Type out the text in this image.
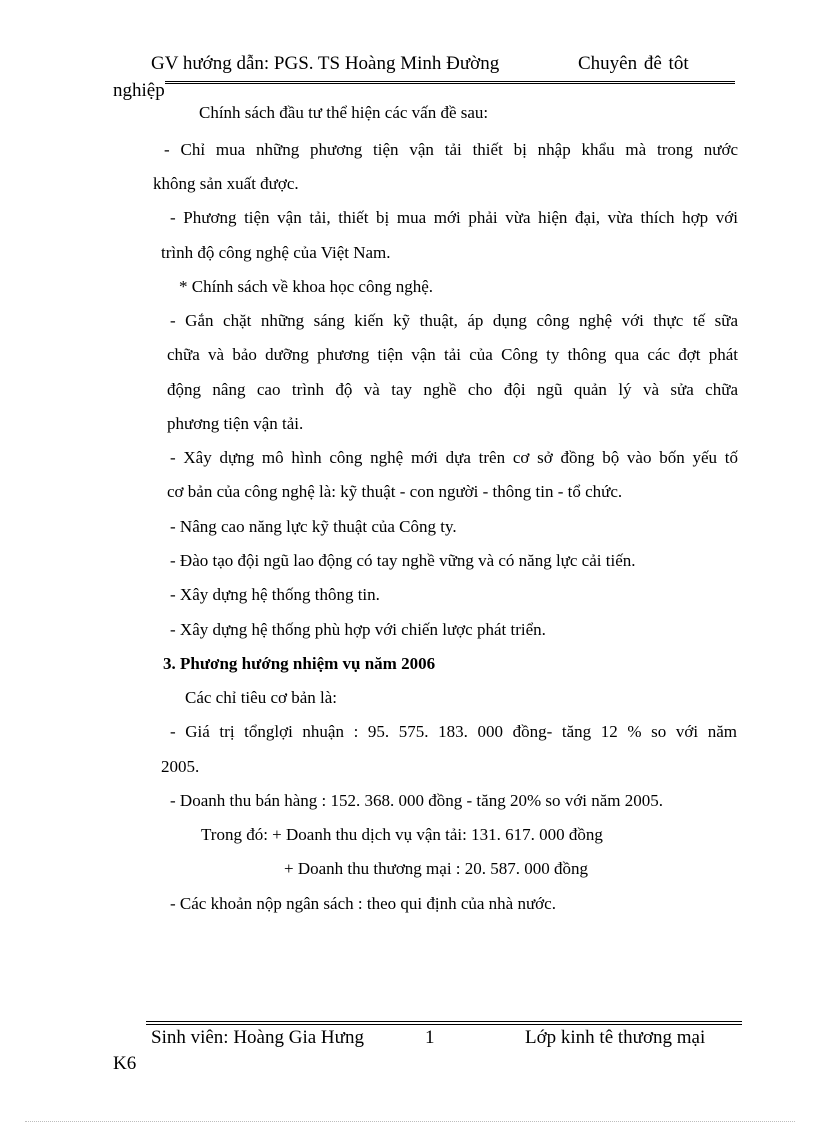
GV hướng dẫn: PGS. TS Hoàng Minh Đường	Chuyên đê tôt
nghiệp
Chính sách đầu tư thể hiện các vấn đề sau:
- Chỉ mua những phương tiện vận tải thiết bị nhập khẩu mà trong nước
không sản xuất được.
- Phương tiện vận tải, thiết bị mua mới phải vừa hiện đại, vừa thích hợp với
trình độ công nghệ của Việt Nam.
* Chính sách về khoa học công nghệ.
- Gắn chặt những sáng kiến kỹ thuật, áp dụng công nghệ với thực tế sữa
chữa và bảo dưỡng phương tiện vận tải của Công ty thông qua các đợt phát
động nâng cao trình độ và tay nghề cho đội ngũ quản lý và sửa chữa
phương tiện vận tải.
- Xây dựng mô hình công nghệ mới dựa trên cơ sở đồng bộ vào bốn yếu tố
cơ bản của công nghệ là: kỹ thuật - con người - thông tin - tổ chức.
- Nâng cao năng lực kỹ thuật của Công ty.
- Đào tạo đội ngũ lao động có tay nghề vững và có năng lực cải tiến.
- Xây dựng hệ thống thông tin.
- Xây dựng hệ thống phù hợp với chiến lược phát triển.
3. Phương hướng nhiệm vụ năm 2006
Các chỉ tiêu cơ bản là:
- Giá trị tổnglợi nhuận : 95. 575. 183. 000 đồng- tăng 12 % so với năm
2005.
- Doanh thu bán hàng : 152. 368. 000 đồng - tăng 20% so với năm 2005.
Trong đó: + Doanh thu dịch vụ vận tải: 131. 617. 000 đồng
+ Doanh thu thương mại : 20. 587. 000 đồng
- Các khoản nộp ngân sách : theo qui định của nhà nước.
Sinh viên: Hoàng Gia Hưng	1	Lớp kinh tê thương mại
K6
